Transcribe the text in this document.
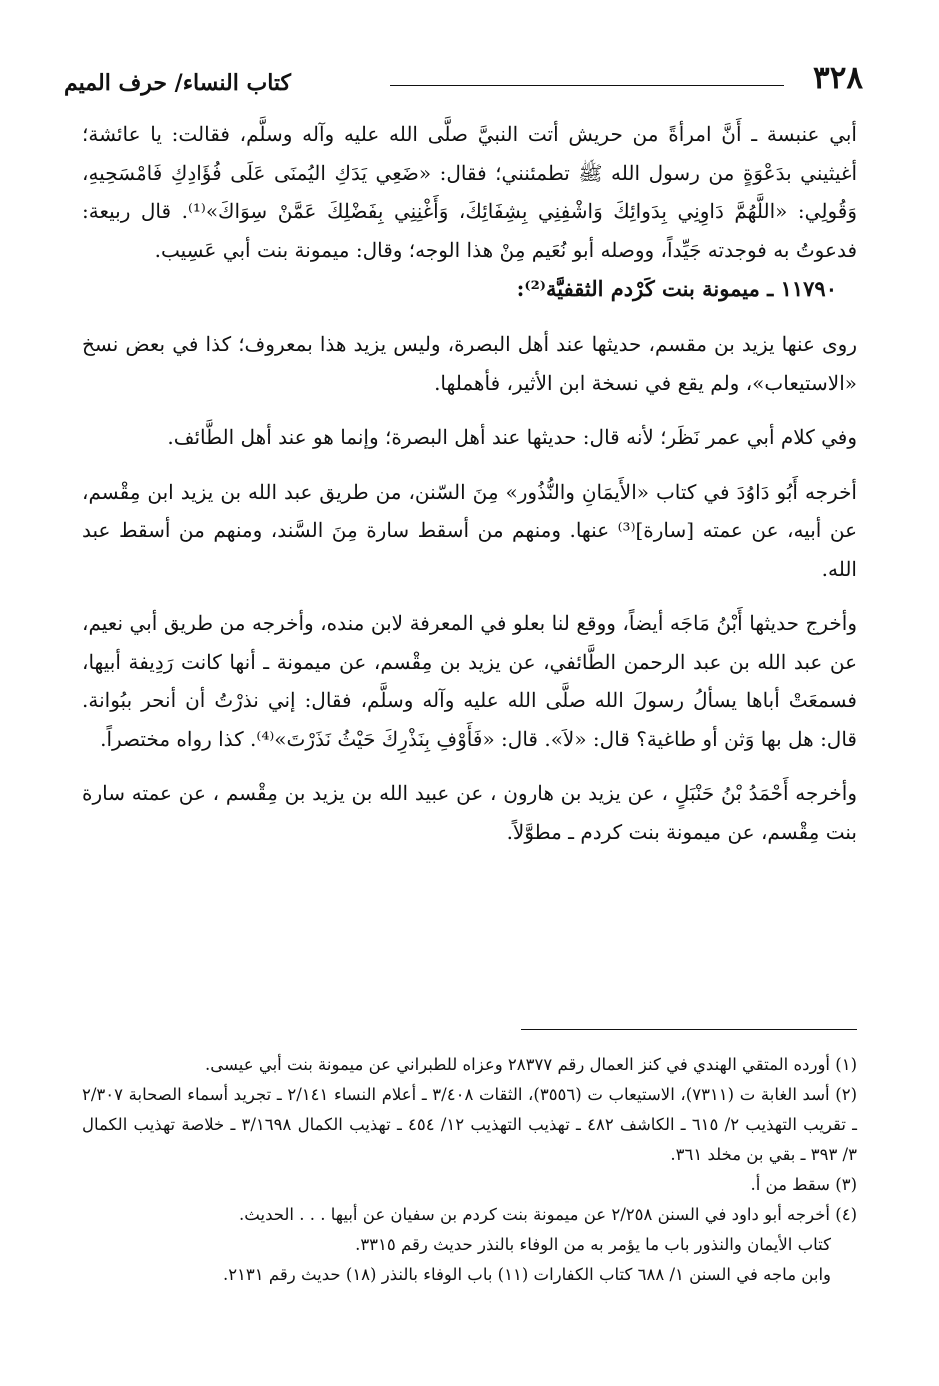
٣٢٨
كتاب النساء/ حرف الميم

أبي عنبسة ـ أَنَّ امرأةً من حريش أتت النبيَّ صلَّى الله عليه وآله وسلَّم، فقالت: يا عائشة؛ أغيثيني بدَعْوَةٍ من رسول الله ﷺ تطمئنني؛ فقال: «ضَعِي يَدَكِ اليُمنَى عَلَى فُؤَادِكِ فَامْسَحِيهِ، وَقُولِي: «اللَّهُمَّ دَاوِنِي بِدَوائِكَ وَاشْفِنِي بِشِفَائِكَ، وَأَغْنِنِي بِفَضْلِكَ عَمَّنْ سِوَاكَ»⁽¹⁾. قال ربيعة: فدعوتُ به فوجدته جَيِّداً، ووصله أبو نُعَيم مِنْ هذا الوجه؛ وقال: ميمونة بنت أبي عَسِيب.

١١٧٩٠ ـ ميمونة بنت كَرْدم الثقفيَّة⁽²⁾:

روى عنها يزيد بن مقسم، حديثها عند أهل البصرة، وليس يزيد هذا بمعروف؛ كذا في بعض نسخ «الاستيعاب»، ولم يقع في نسخة ابن الأثير، فأهملها.

وفي كلام أبي عمر نَظَر؛ لأنه قال: حديثها عند أهل البصرة؛ وإنما هو عند أهل الطَّائف.

أخرجه أَبُو دَاوُدَ في كتاب «الأَيمَانِ والنُّذُور» مِنَ السّنن، من طريق عبد الله بن يزيد ابن مِقْسم، عن أبيه، عن عمته [سارة]⁽³⁾ عنها. ومنهم من أسقط سارة مِنَ السَّند، ومنهم من أسقط عبد الله.

وأخرج حديثها أَبْنُ مَاجَه أيضاً، ووقع لنا بعلو في المعرفة لابن منده، وأخرجه من طريق أبي نعيم، عن عبد الله بن عبد الرحمن الطَّائفي، عن يزيد بن مِقْسم، عن ميمونة ـ أنها كانت رَدِيفة أبيها، فسمعَتْ أباها يسألُ رسولَ الله صلَّى الله عليه وآله وسلَّم، فقال: إني نذرْتُ أن أنحر ببُوانة. قال: هل بها وَثن أو طاغية؟ قال: «لاَ». قال: «فَأَوْفِ بِنَذْرِكَ حَيْثُ نَذَرْتَ»⁽⁴⁾. كذا رواه مختصراً.

وأخرجه أَحْمَدُ بْنُ حَنْبَلٍ ، عن يزيد بن هارون ، عن عبيد الله بن يزيد بن مِقْسم ، عن عمته سارة بنت مِقْسم، عن ميمونة بنت كردم ـ مطوَّلاً.

(١) أورده المتقي الهندي في كنز العمال رقم ٢٨٣٧٧ وعزاه للطبراني عن ميمونة بنت أبي عيسى.

(٢) أسد الغابة ت (٧٣١١)، الاستيعاب ت (٣٥٥٦)، الثقات ٣/٤٠٨ ـ أعلام النساء ٢/١٤١ ـ تجريد أسماء الصحابة ٢/٣٠٧ ـ تقريب التهذيب ٢/ ٦١٥ ـ الكاشف ٤٨٢ ـ تهذيب التهذيب ١٢/ ٤٥٤ ـ تهذيب الكمال ٣/١٦٩٨ ـ خلاصة تهذيب الكمال ٣/ ٣٩٣ ـ بقي بن مخلد ٣٦١.

(٣) سقط من أ.

(٤) أخرجه أبو داود في السنن ٢/٢٥٨ عن ميمونة بنت كردم بن سفيان عن أبيها . . . الحديث.

كتاب الأيمان والنذور باب ما يؤمر به من الوفاء بالنذر حديث رقم ٣٣١٥.

وابن ماجه في السنن ١/ ٦٨٨ كتاب الكفارات (١١) باب الوفاء بالنذر (١٨) حديث رقم ٢١٣١.
